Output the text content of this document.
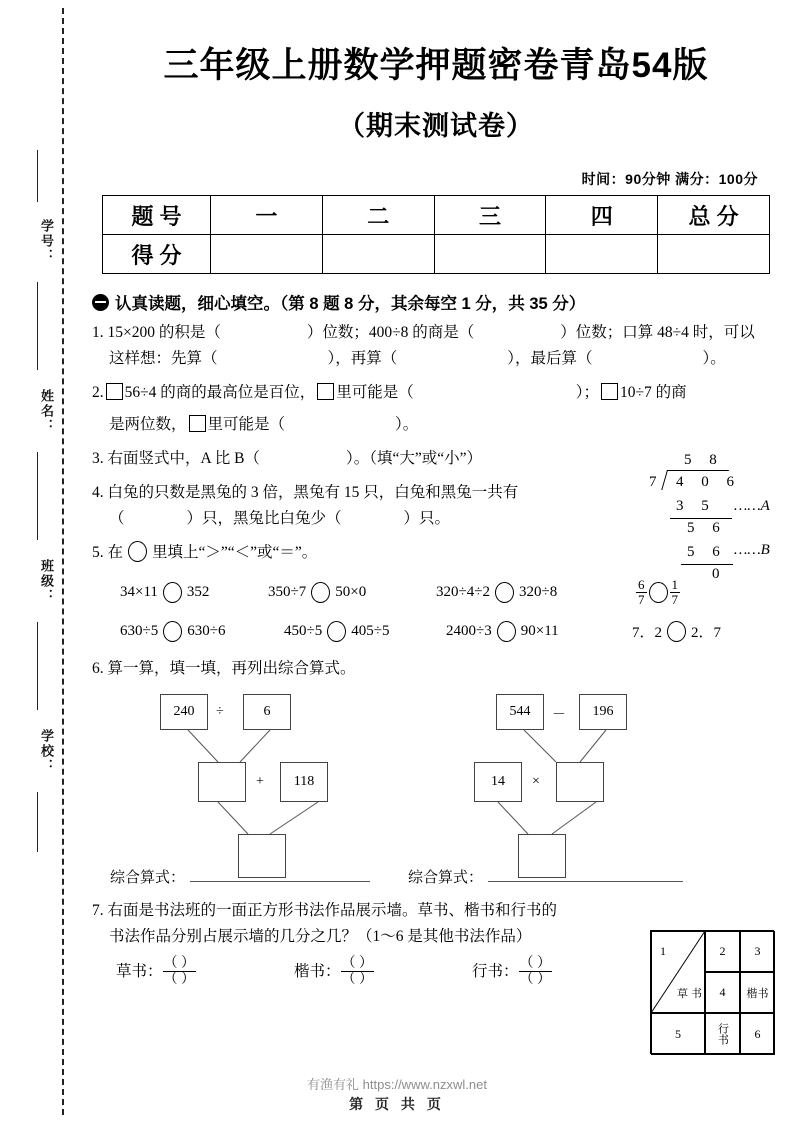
学号：
姓名：
班级：
学校：
三年级上册数学押题密卷青岛54版
（期末测试卷）
时间：90分钟 满分：100分
题 号	一	二	三	四	总 分
得 分					
认真读题，细心填空。（第 8 题 8 分，其余每空 1 分，共 35 分）
1. 15×200 的积是（	）位数；400÷8 的商是（	）位数；口算 48÷4 时，可以
这样想：先算（	），再算（	），最后算（	）。
2. 56÷4 的商的最高位是百位， 里可能是（	）； 10÷7 的商
是两位数， 里可能是（	）。
3. 右面竖式中，A 比 B（	）。（填“大”或“小”）
4. 白兔的只数是黑兔的 3 倍，黑兔有 15 只，白兔和黑兔一共有
（	）只，黑兔比白兔少（	）只。
5. 在 里填上“＞”“＜”或“＝”。
34×11 352	350÷7 50×0	320÷4÷2 320÷8	$\frac{6}{7} \frac{1}{7}$
630÷5 630÷6	450÷5 405÷5	2400÷3 90×11	7．2 2．7
6. 算一算，填一填，再列出综合算式。
240	÷	6
+	118
544	－	196
14	×
综合算式：	综合算式：
7. 右面是书法班的一面正方形书法作品展示墙。草书、楷书和行书的
书法作品分别占展示墙的几分之几？（1～6 是其他书法作品）
草书： $\frac{( )}{( )}$	楷书： $\frac{( )}{( )}$	行书： $\frac{( )}{( )}$
5 8
7 4 0 6
3 5 ……A
5 6
5 6 ……B
0
1
草 书
2	3
4	楷书
5	行书	6
有渔有礼 https://www.nzxwl.net
第 页 共 页
